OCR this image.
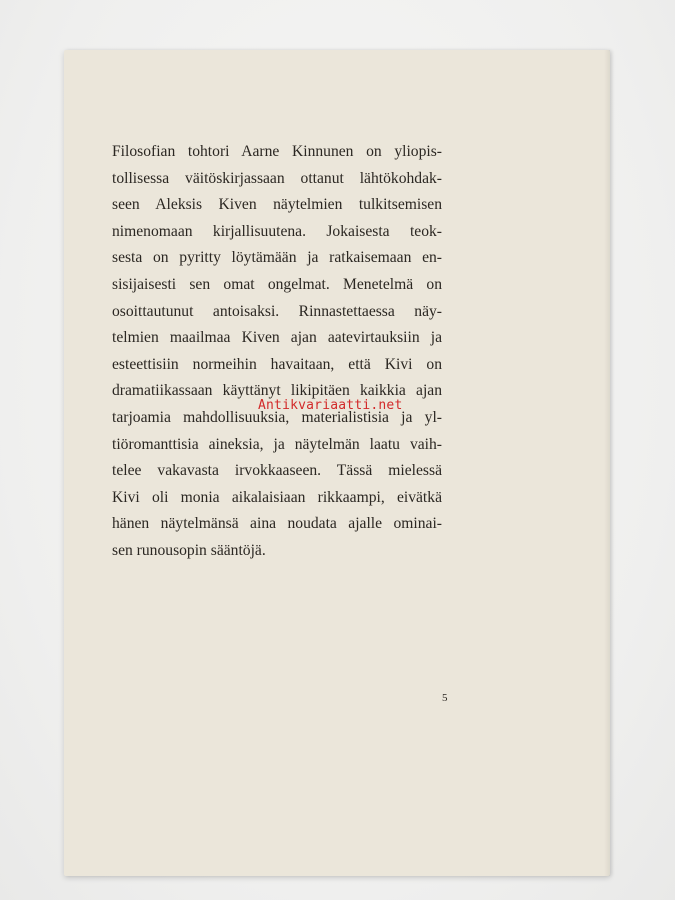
Filosofian tohtori Aarne Kinnunen on yliopis-
tollisessa väitöskirjassaan ottanut lähtökohdak-
seen Aleksis Kiven näytelmien tulkitsemisen
nimenomaan kirjallisuutena. Jokaisesta teok-
sesta on pyritty löytämään ja ratkaisemaan en-
sisijaisesti sen omat ongelmat. Menetelmä on
osoittautunut antoisaksi. Rinnastettaessa näy-
telmien maailmaa Kiven ajan aatevirtauksiin ja
esteettisiin normeihin havaitaan, että Kivi on
dramatiikassaan käyttänyt likipitäen kaikkia ajan
tarjoamia mahdollisuuksia, materialistisia ja yl-
tiöromanttisia aineksia, ja näytelmän laatu vaih-
telee vakavasta irvokkaaseen. Tässä mielessä
Kivi oli monia aikalaisiaan rikkaampi, eivätkä
hänen näytelmänsä aina noudata ajalle ominai-
sen runousopin sääntöjä.

5
Antikvariaatti.net
